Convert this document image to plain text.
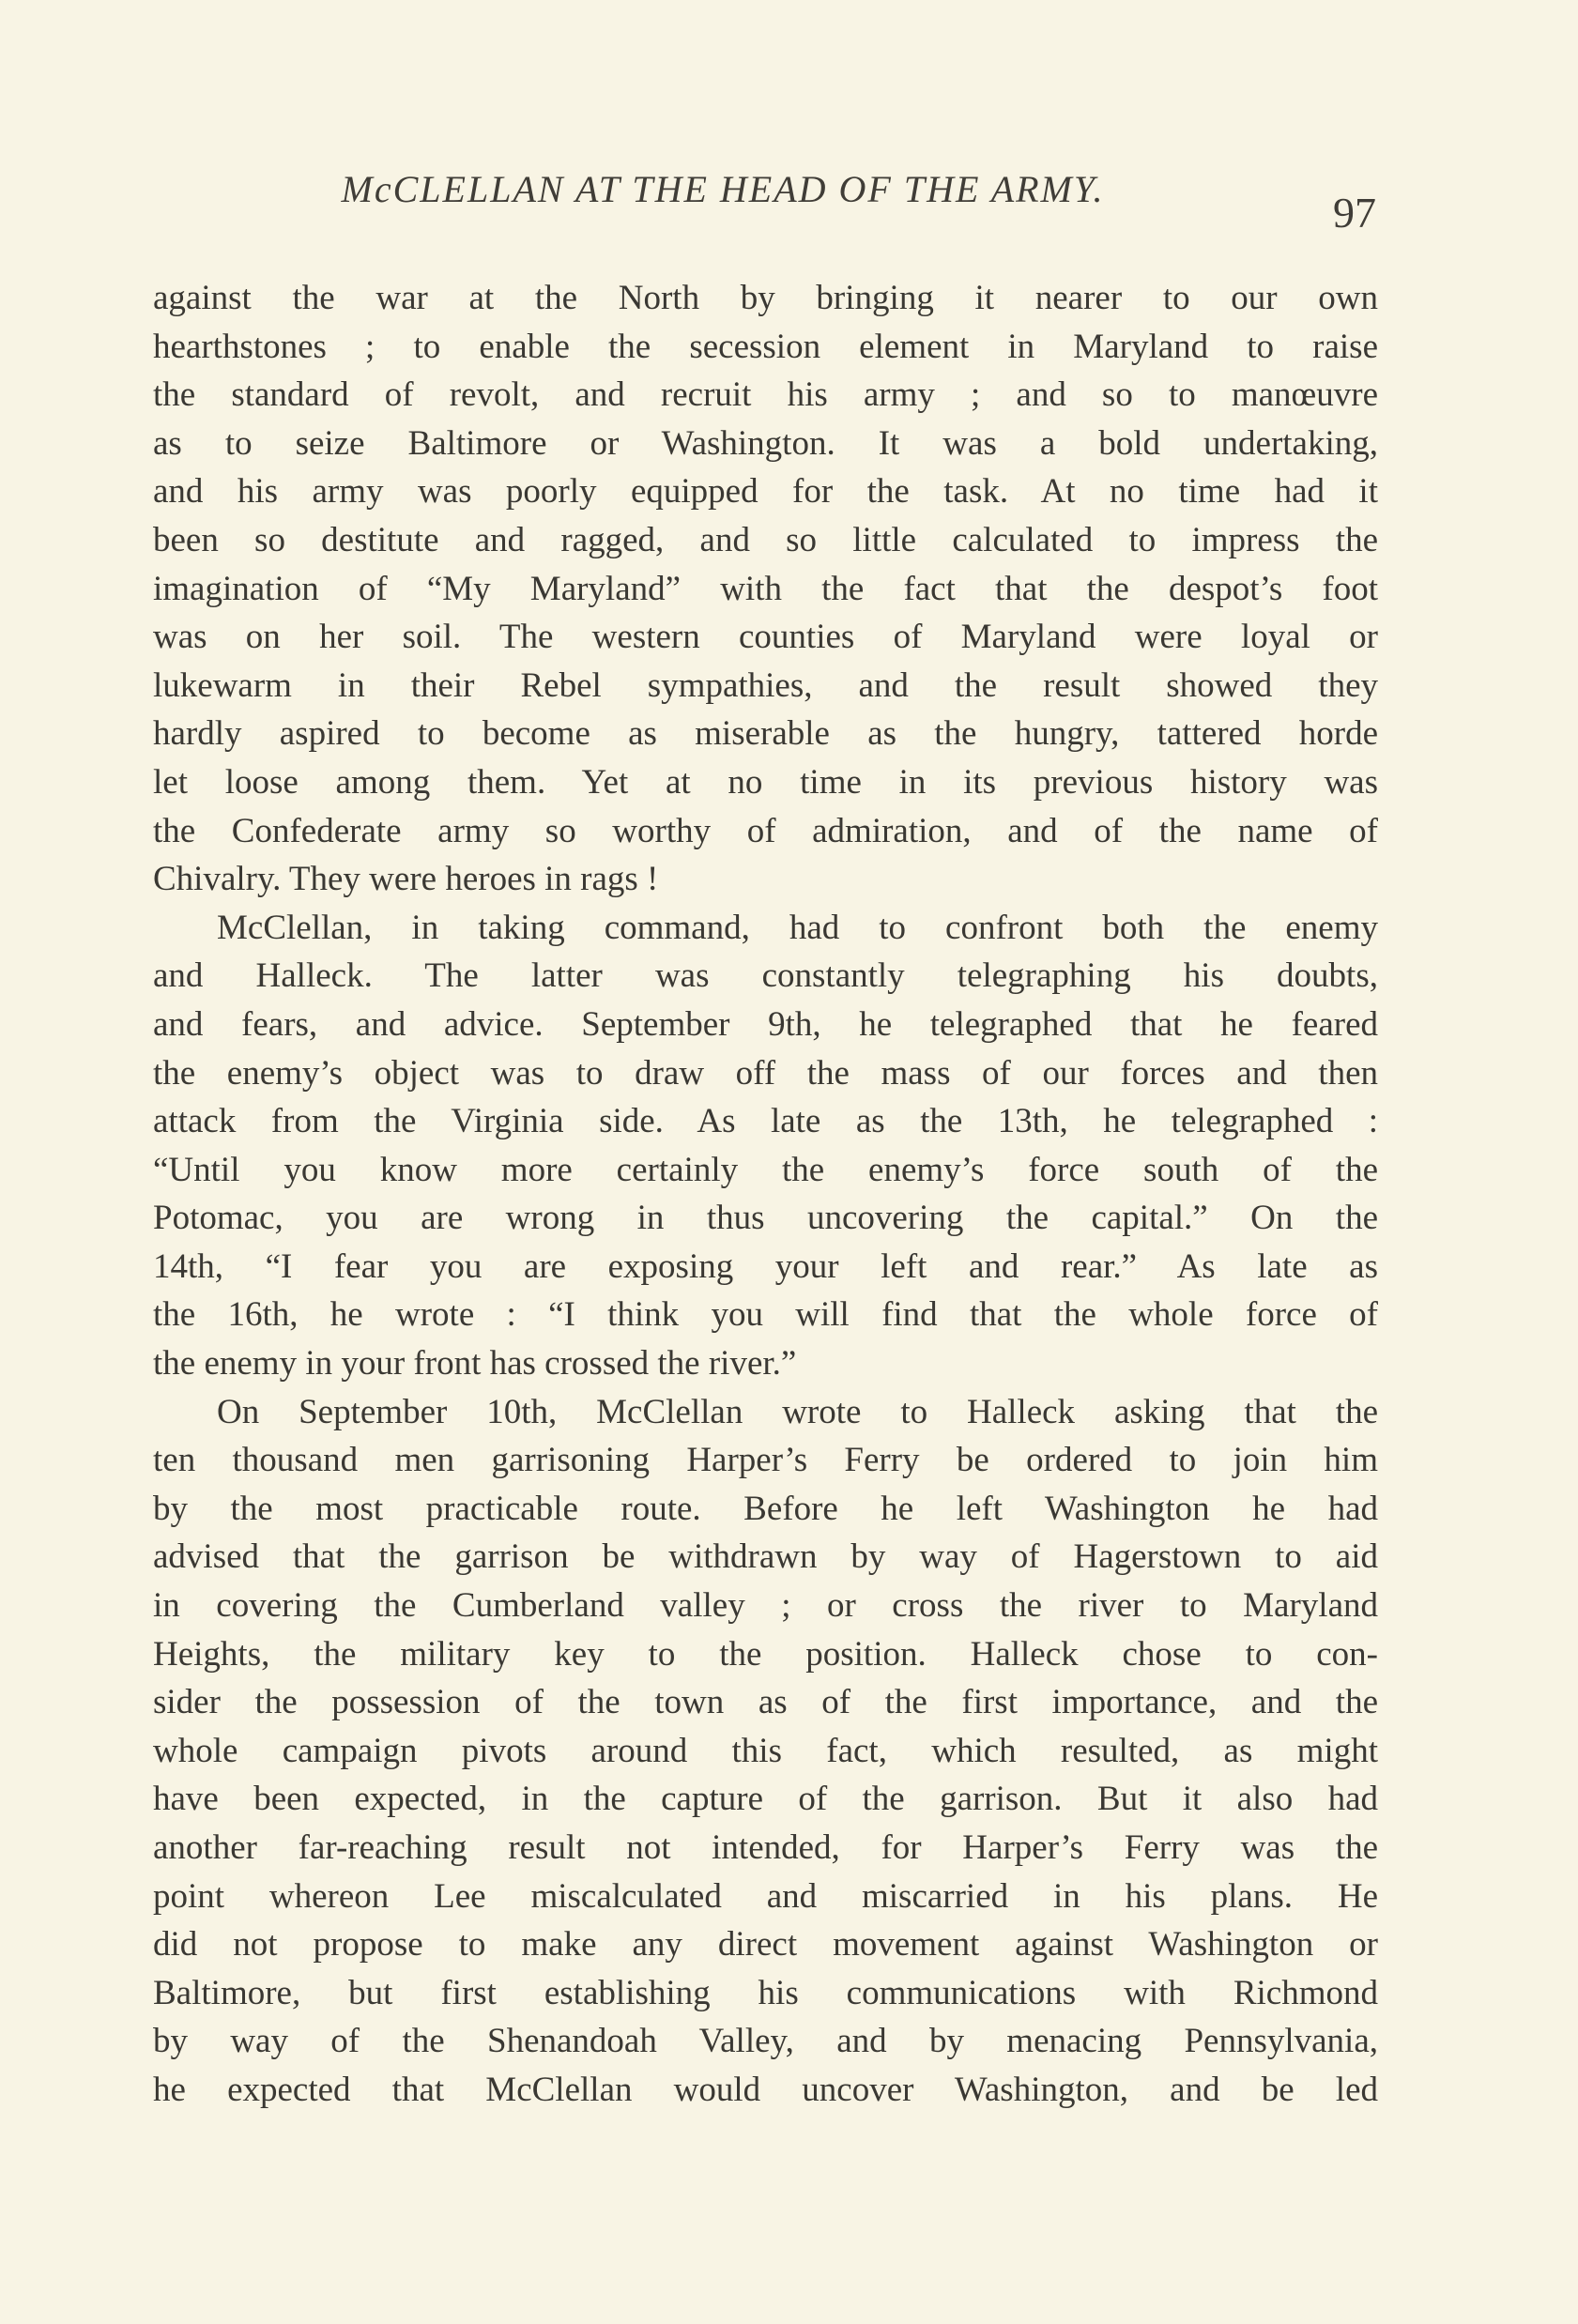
McCLELLAN AT THE HEAD OF THE ARMY.	97
against the war at the North by bringing it nearer to our own
hearthstones ; to enable the secession element in Maryland to raise
the standard of revolt, and recruit his army ; and so to manœuvre
as to seize Baltimore or Washington. It was a bold undertaking,
and his army was poorly equipped for the task. At no time had it
been so destitute and ragged, and so little calculated to impress the
imagination of “My Maryland” with the fact that the despot’s foot
was on her soil. The western counties of Maryland were loyal or
lukewarm in their Rebel sympathies, and the result showed they
hardly aspired to become as miserable as the hungry, tattered horde
let loose among them. Yet at no time in its previous history was
the Confederate army so worthy of admiration, and of the name of
Chivalry. They were heroes in rags !
McClellan, in taking command, had to confront both the enemy
and Halleck. The latter was constantly telegraphing his doubts,
and fears, and advice. September 9th, he telegraphed that he feared
the enemy’s object was to draw off the mass of our forces and then
attack from the Virginia side. As late as the 13th, he telegraphed :
“Until you know more certainly the enemy’s force south of the
Potomac, you are wrong in thus uncovering the capital.” On the
14th, “I fear you are exposing your left and rear.” As late as
the 16th, he wrote : “I think you will find that the whole force of
the enemy in your front has crossed the river.”
On September 10th, McClellan wrote to Halleck asking that the
ten thousand men garrisoning Harper’s Ferry be ordered to join him
by the most practicable route. Before he left Washington he had
advised that the garrison be withdrawn by way of Hagerstown to aid
in covering the Cumberland valley ; or cross the river to Maryland
Heights, the military key to the position. Halleck chose to con-
sider the possession of the town as of the first importance, and the
whole campaign pivots around this fact, which resulted, as might
have been expected, in the capture of the garrison. But it also had
another far-reaching result not intended, for Harper’s Ferry was the
point whereon Lee miscalculated and miscarried in his plans. He
did not propose to make any direct movement against Washington or
Baltimore, but first establishing his communications with Richmond
by way of the Shenandoah Valley, and by menacing Pennsylvania,
he expected that McClellan would uncover Washington, and be led
